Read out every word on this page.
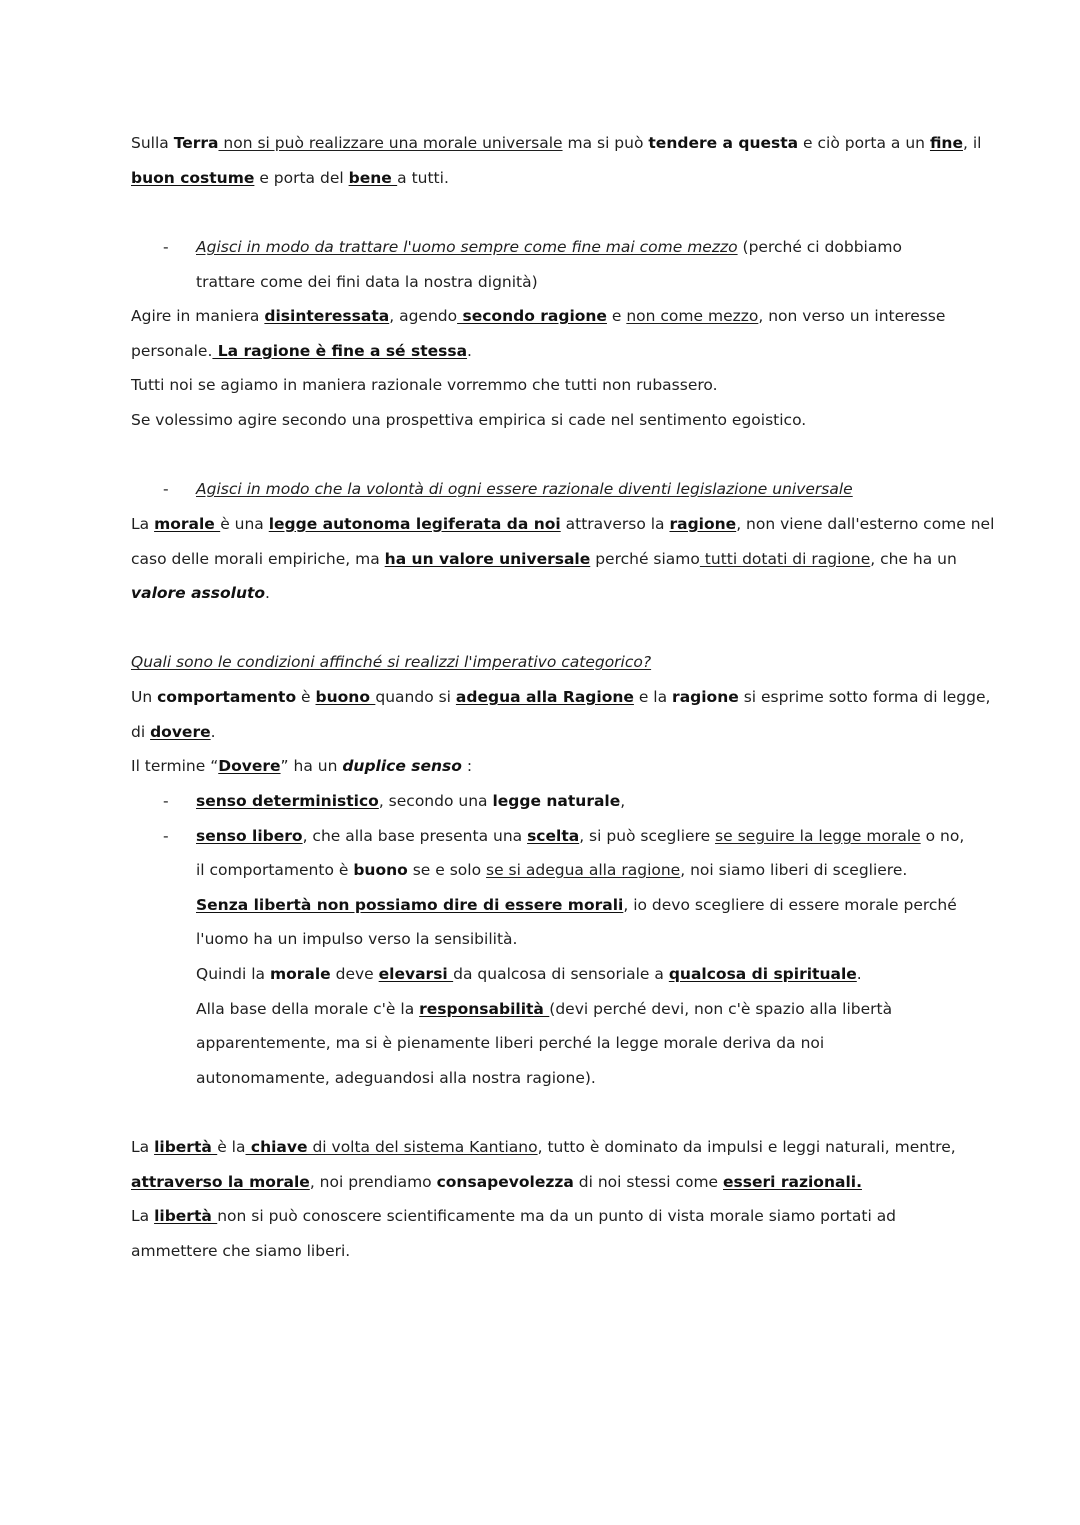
Sulla Terra non si può realizzare una morale universale ma si può tendere a questa e ciò porta a un fine, il
buon costume e porta del bene a tutti.
- Agisci in modo da trattare l'uomo sempre come fine mai come mezzo (perché ci dobbiamo
trattare come dei fini data la nostra dignità)
Agire in maniera disinteressata, agendo secondo ragione e non come mezzo, non verso un interesse
personale. La ragione è fine a sé stessa.
Tutti noi se agiamo in maniera razionale vorremmo che tutti non rubassero.
Se volessimo agire secondo una prospettiva empirica si cade nel sentimento egoistico.
- Agisci in modo che la volontà di ogni essere razionale diventi legislazione universale
La morale è una legge autonoma legiferata da noi attraverso la ragione, non viene dall'esterno come nel
caso delle morali empiriche, ma ha un valore universale perché siamo tutti dotati di ragione, che ha un
valore assoluto.
Quali sono le condizioni affinché si realizzi l'imperativo categorico?
Un comportamento è buono quando si adegua alla Ragione e la ragione si esprime sotto forma di legge,
di dovere.
Il termine “Dovere” ha un duplice senso :
- senso deterministico, secondo una legge naturale,
- senso libero, che alla base presenta una scelta, si può scegliere se seguire la legge morale o no,
il comportamento è buono se e solo se si adegua alla ragione, noi siamo liberi di scegliere.
Senza libertà non possiamo dire di essere morali, io devo scegliere di essere morale perché
l'uomo ha un impulso verso la sensibilità.
Quindi la morale deve elevarsi da qualcosa di sensoriale a qualcosa di spirituale.
Alla base della morale c'è la responsabilità (devi perché devi, non c'è spazio alla libertà
apparentemente, ma si è pienamente liberi perché la legge morale deriva da noi
autonomamente, adeguandosi alla nostra ragione).
La libertà è la chiave di volta del sistema Kantiano, tutto è dominato da impulsi e leggi naturali, mentre,
attraverso la morale, noi prendiamo consapevolezza di noi stessi come esseri razionali.
La libertà non si può conoscere scientificamente ma da un punto di vista morale siamo portati ad
ammettere che siamo liberi.
